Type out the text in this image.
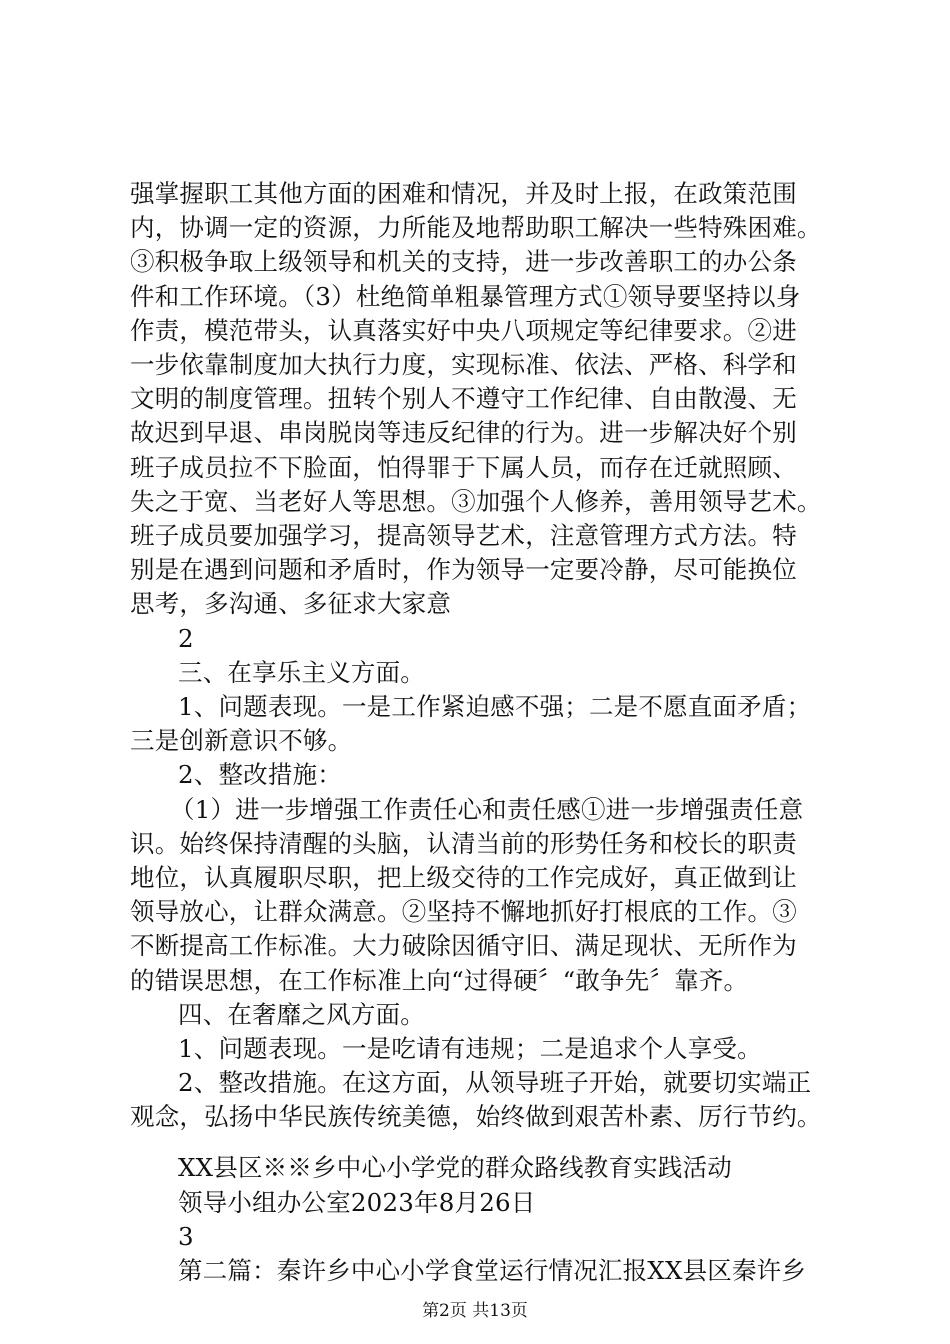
强掌握职工其他方面的困难和情况，并及时上报，在政策范围
内，协调一定的资源，力所能及地帮助职工解决一些特殊困难。
③积极争取上级领导和机关的支持，进一步改善职工的办公条
件和工作环境。（3）杜绝简单粗暴管理方式①领导要坚持以身
作责，模范带头，认真落实好中央八项规定等纪律要求。②进
一步依靠制度加大执行力度，实现标准、依法、严格、科学和
文明的制度管理。扭转个别人不遵守工作纪律、自由散漫、无
故迟到早退、串岗脱岗等违反纪律的行为。进一步解决好个别
班子成员拉不下脸面，怕得罪于下属人员，而存在迁就照顾、
失之于宽、当老好人等思想。③加强个人修养，善用领导艺术。
班子成员要加强学习，提高领导艺术，注意管理方式方法。特
别是在遇到问题和矛盾时，作为领导一定要冷静，尽可能换位
思考，多沟通、多征求大家意
2
三、在享乐主义方面。
1、问题表现。一是工作紧迫感不强；二是不愿直面矛盾；
三是创新意识不够。
2、整改措施：
（1）进一步增强工作责任心和责任感①进一步增强责任意
识。始终保持清醒的头脑，认清当前的形势任务和校长的职责
地位，认真履职尽职，把上级交待的工作完成好，真正做到让
领导放心，让群众满意。②坚持不懈地抓好打根底的工作。③
不断提高工作标准。大力破除因循守旧、满足现状、无所作为
的错误思想，在工作标准上向“过得硬〞“敢争先〞靠齐。
四、在奢靡之风方面。
1、问题表现。一是吃请有违规；二是追求个人享受。
2、整改措施。在这方面，从领导班子开始，就要切实端正
观念，弘扬中华民族传统美德，始终做到艰苦朴素、厉行节约。
XX县区※※乡中心小学党的群众路线教育实践活动
领导小组办公室2023年8月26日
3
第二篇：秦许乡中心小学食堂运行情况汇报XX县区秦许乡
第2页 共13页
